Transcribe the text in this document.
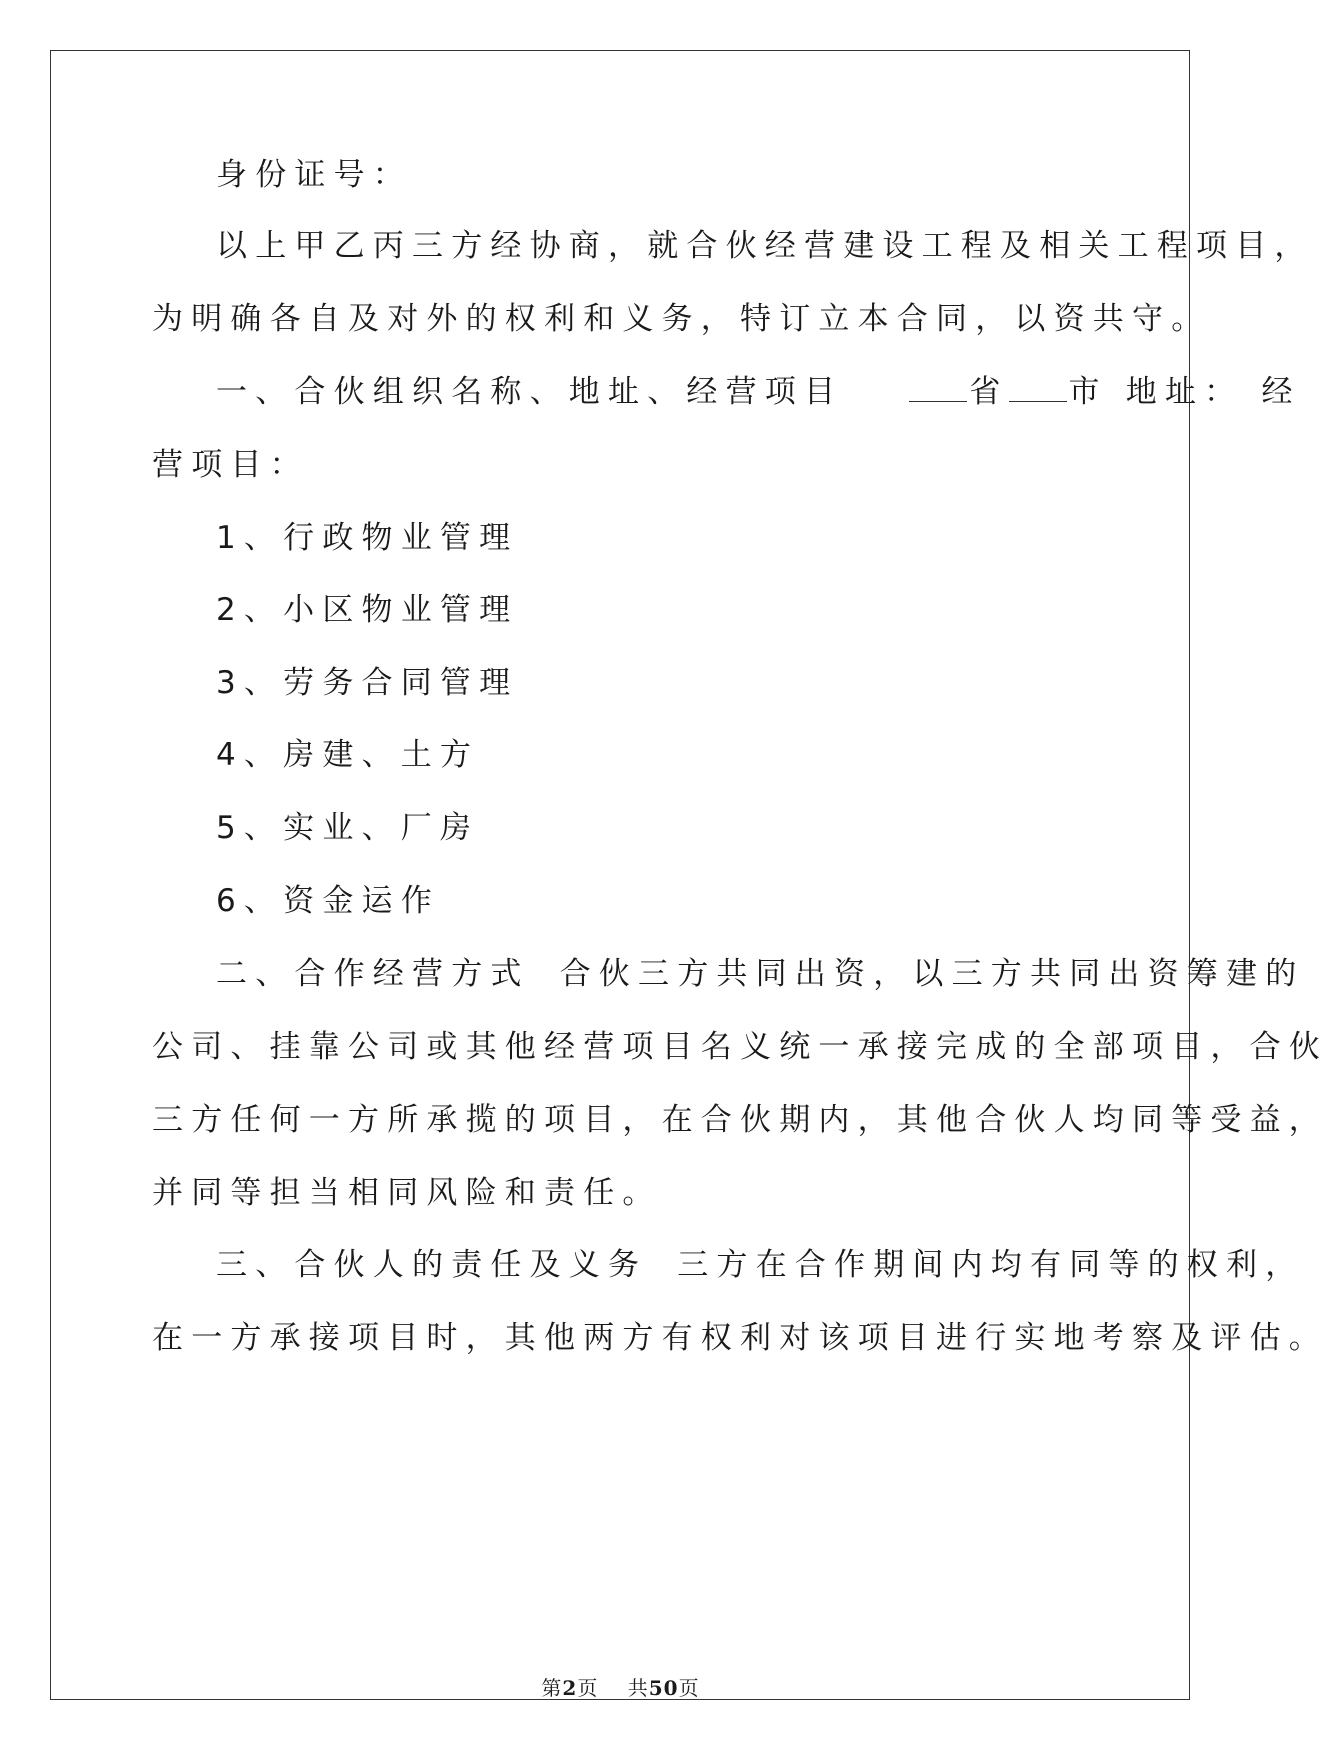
身份证号：
以上甲乙丙三方经协商，就合伙经营建设工程及相关工程项目，
为明确各自及对外的权利和义务，特订立本合同，以资共守。
一、合伙组织名称、地址、经营项目	省 市 地址： 经
营项目：
1、行政物业管理
2、小区物业管理
3、劳务合同管理
4、房建、土方
5、实业、厂房
6、资金运作
二、合作经营方式 合伙三方共同出资，以三方共同出资筹建的
公司、挂靠公司或其他经营项目名义统一承接完成的全部项目，合伙
三方任何一方所承揽的项目，在合伙期内，其他合伙人均同等受益，
并同等担当相同风险和责任。
三、合伙人的责任及义务 三方在合作期间内均有同等的权利，
在一方承接项目时，其他两方有权利对该项目进行实地考察及评估。
第2页 共50页
